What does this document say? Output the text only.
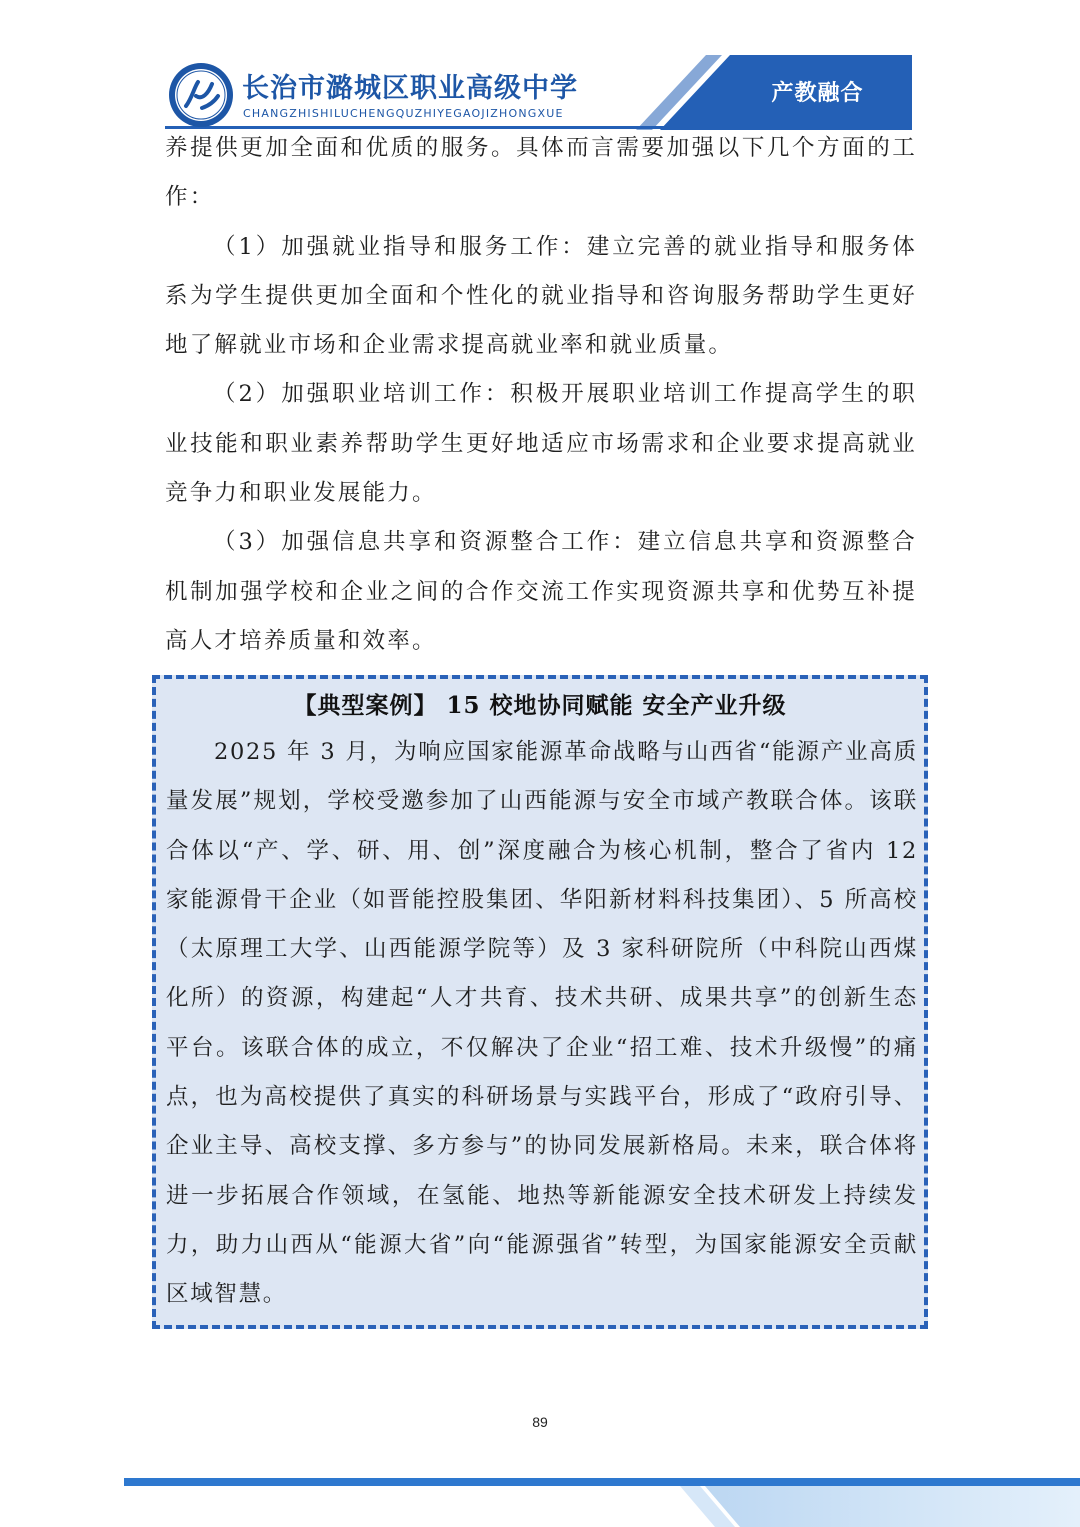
长治市潞城区职业高级中学
CHANGZHISHILUCHENGQUZHIYEGAOJIZHONGXUE
产教融合

养提供更加全面和优质的服务。具体而言需要加强以下几个方面的工作：

（1）加强就业指导和服务工作：建立完善的就业指导和服务体系为学生提供更加全面和个性化的就业指导和咨询服务帮助学生更好地了解就业市场和企业需求提高就业率和就业质量。

（2）加强职业培训工作：积极开展职业培训工作提高学生的职业技能和职业素养帮助学生更好地适应市场需求和企业要求提高就业竞争力和职业发展能力。

（3）加强信息共享和资源整合工作：建立信息共享和资源整合机制加强学校和企业之间的合作交流工作实现资源共享和优势互补提高人才培养质量和效率。

【典型案例】 15 校地协同赋能 安全产业升级

2025 年 3 月，为响应国家能源革命战略与山西省“能源产业高质量发展”规划，学校受邀参加了山西能源与安全市域产教联合体。该联合体以“产、学、研、用、创”深度融合为核心机制，整合了省内 12 家能源骨干企业（如晋能控股集团、华阳新材料科技集团）、5 所高校（太原理工大学、山西能源学院等）及 3 家科研院所（中科院山西煤化所）的资源，构建起“人才共育、技术共研、成果共享”的创新生态平台。该联合体的成立，不仅解决了企业“招工难、技术升级慢”的痛点，也为高校提供了真实的科研场景与实践平台，形成了“政府引导、企业主导、高校支撑、多方参与”的协同发展新格局。未来，联合体将进一步拓展合作领域，在氢能、地热等新能源安全技术研发上持续发力，助力山西从“能源大省”向“能源强省”转型，为国家能源安全贡献区域智慧。

89
